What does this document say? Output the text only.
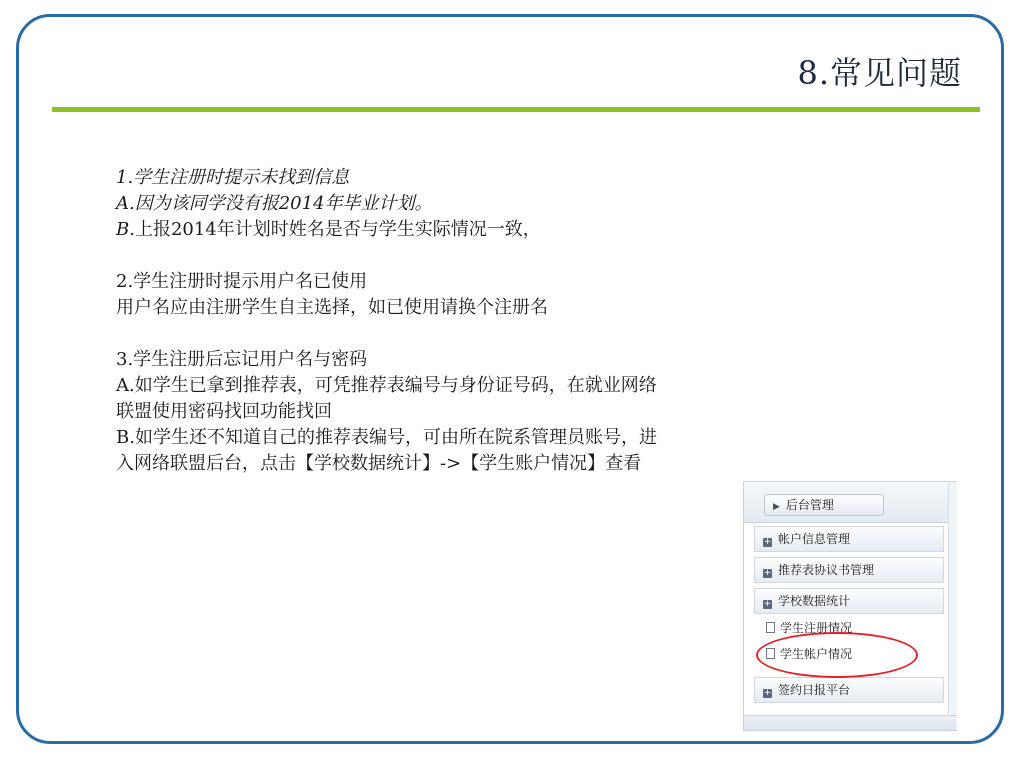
8.常见问题

1.学生注册时提示未找到信息

A.因为该同学没有报2014年毕业计划。

B.上报2014年计划时姓名是否与学生实际情况一致，

2.学生注册时提示用户名已使用

用户名应由注册学生自主选择，如已使用请换个注册名

3.学生注册后忘记用户名与密码

A.如学生已拿到推荐表，可凭推荐表编号与身份证号码，在就业网络

联盟使用密码找回功能找回

B.如学生还不知道自己的推荐表编号，可由所在院系管理员账号，进

入网络联盟后台，点击【学校数据统计】->【学生账户情况】查看

▶ 后台管理
+ 帐户信息管理
+ 推荐表协议书管理
+ 学校数据统计
学生注册情况
学生帐户情况
+ 签约日报平台
